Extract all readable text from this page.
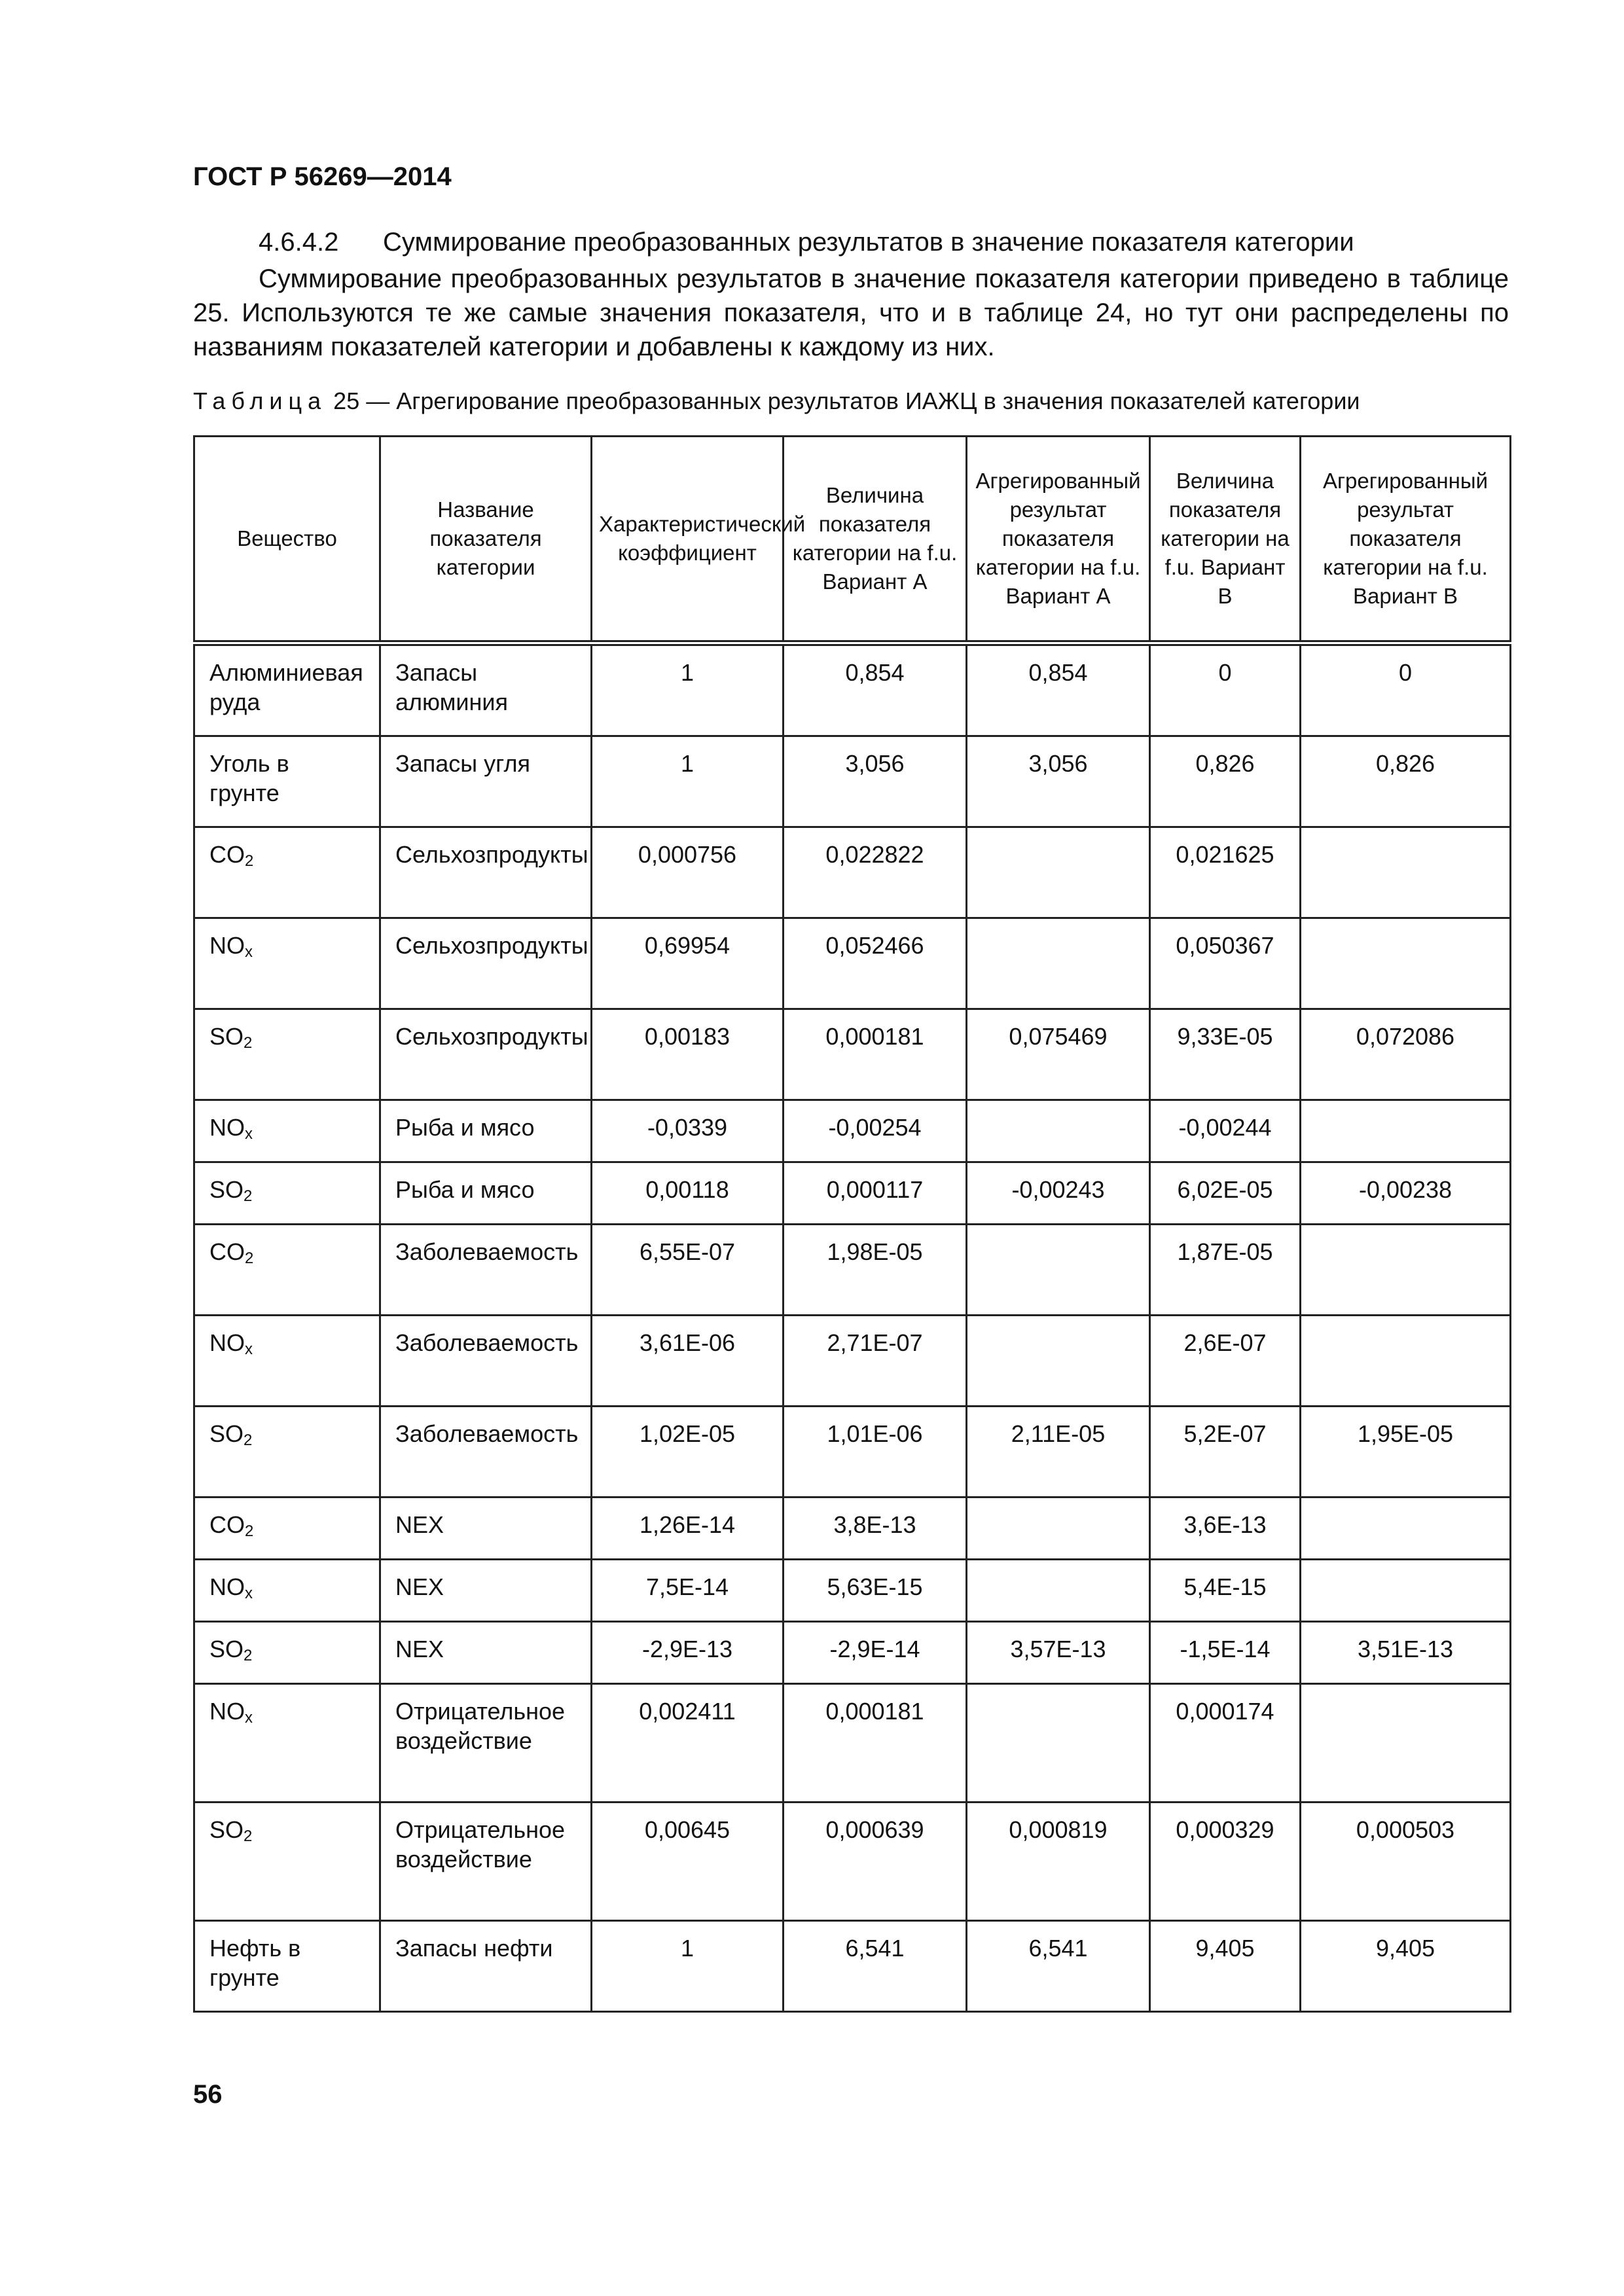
ГОСТ Р 56269—2014

4.6.4.2 Суммирование преобразованных результатов в значение показателя категории

Суммирование преобразованных результатов в значение показателя категории приведено в таблице 25. Используются те же самые значения показателя, что и в таблице 24, но тут они распределены по названиям показателей категории и добавлены к каждому из них.

Таблица 25 — Агрегирование преобразованных результатов ИАЖЦ в значения показателей категории

Вещество	Название показателя категории	Характеристический коэффициент	Величина показателя категории на f.u. Вариант А	Агрегированный результат показателя категории на f.u. Вариант А	Величина показателя категории на f.u. Вариант В	Агрегированный результат показателя категории на f.u. Вариант В
Алюминиевая руда	Запасы алюминия	1	0,854	0,854	0	0
Уголь в грунте	Запасы угля	1	3,056	3,056	0,826	0,826
$CO_2$	Сельхозпродукты	0,000756	0,022822		0,021625	
$NO_x$	Сельхозпродукты	0,69954	0,052466		0,050367	
$SO_2$	Сельхозпродукты	0,00183	0,000181	0,075469	9,33E-05	0,072086
$NO_x$	Рыба и мясо	-0,0339	-0,00254		-0,00244	
$SO_2$	Рыба и мясо	0,00118	0,000117	-0,00243	6,02E-05	-0,00238
$CO_2$	Заболеваемость	6,55E-07	1,98E-05		1,87E-05	
$NO_x$	Заболеваемость	3,61E-06	2,71E-07		2,6E-07	
$SO_2$	Заболеваемость	1,02E-05	1,01E-06	2,11E-05	5,2E-07	1,95E-05
$CO_2$	NEX	1,26E-14	3,8E-13		3,6E-13	
$NO_x$	NEX	7,5E-14	5,63E-15		5,4E-15	
$SO_2$	NEX	-2,9E-13	-2,9E-14	3,57E-13	-1,5E-14	3,51E-13
$NO_x$	Отрицательное воздействие	0,002411	0,000181		0,000174	
$SO_2$	Отрицательное воздействие	0,00645	0,000639	0,000819	0,000329	0,000503
Нефть в грунте	Запасы нефти	1	6,541	6,541	9,405	9,405

56
